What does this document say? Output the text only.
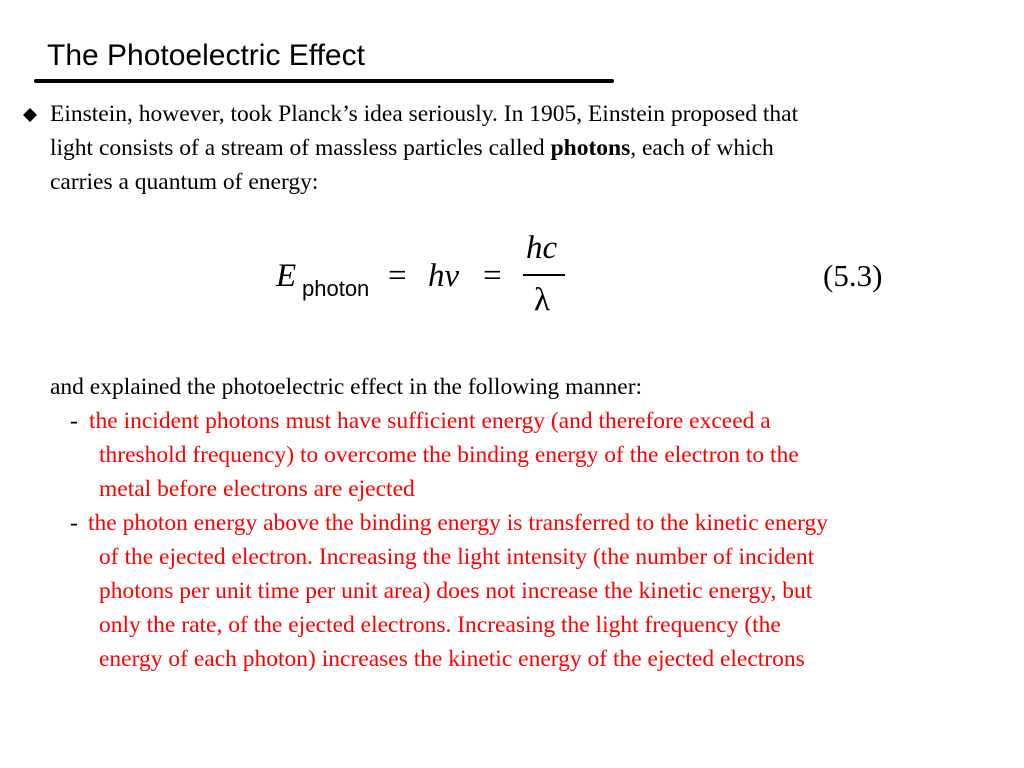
The Photoelectric Effect

Einstein, however, took Planck’s idea seriously. In 1905, Einstein proposed that
light consists of a stream of massless particles called photons, each of which
carries a quantum of energy:

E photon = hν =
hc
λ
(5.3)

and explained the photoelectric effect in the following manner:

- the incident photons must have sufficient energy (and therefore exceed a
threshold frequency) to overcome the binding energy of the electron to the
metal before electrons are ejected
- the photon energy above the binding energy is transferred to the kinetic energy
of the ejected electron. Increasing the light intensity (the number of incident
photons per unit time per unit area) does not increase the kinetic energy, but
only the rate, of the ejected electrons. Increasing the light frequency (the
energy of each photon) increases the kinetic energy of the ejected electrons
